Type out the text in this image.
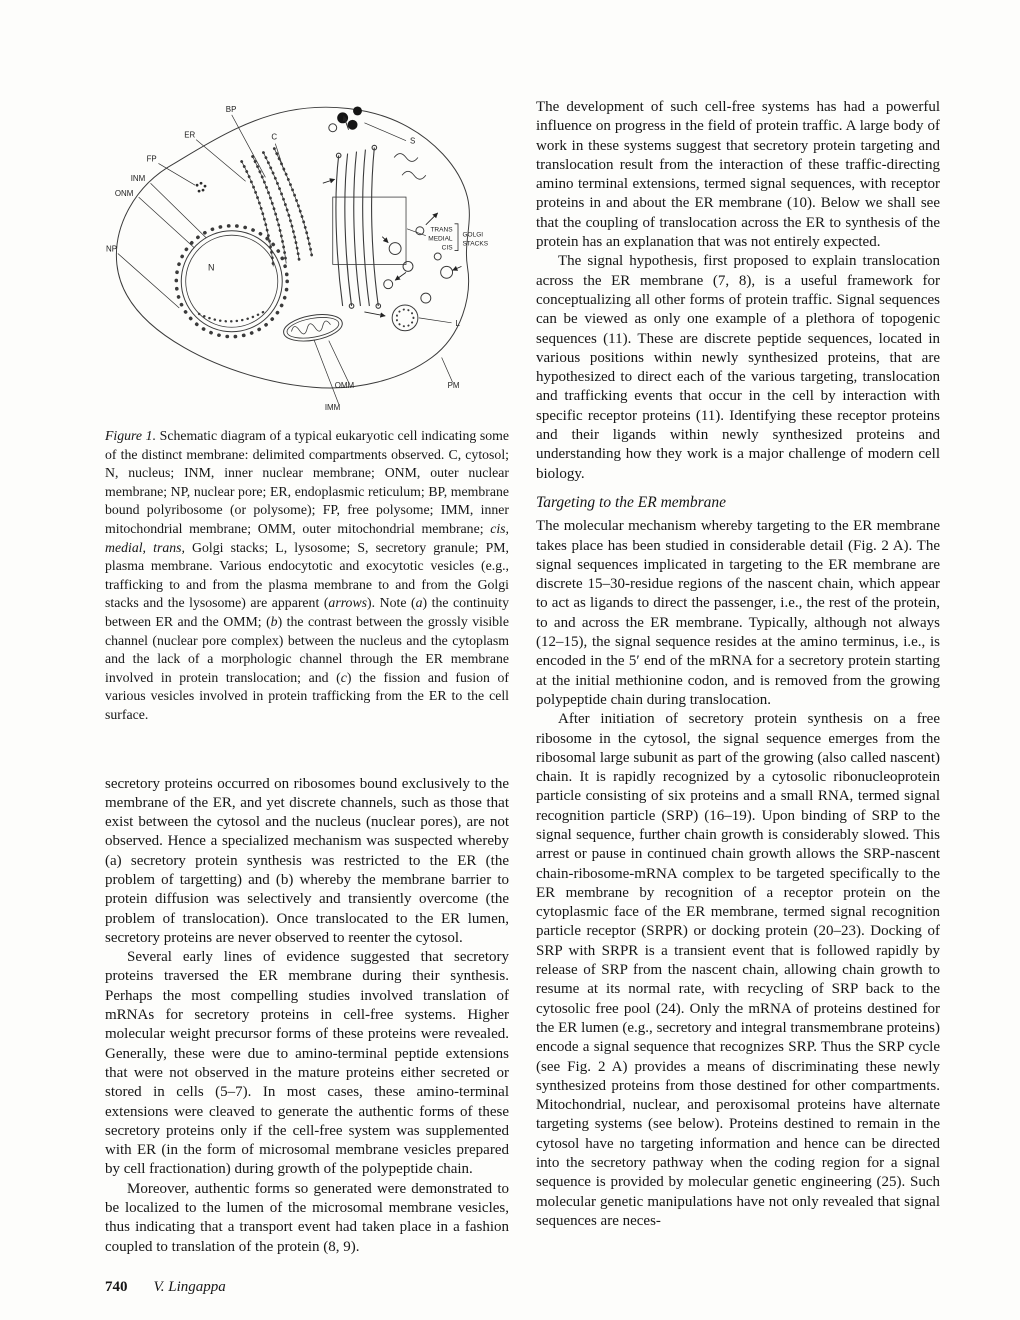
BP
ER	C	S
FP
INM
ONM
NP
N
TRANS
MEDIAL
CIS
GOLGI
STACKS
L
OMM
IMM
PM
Figure 1. Schematic diagram of a typical eukaryotic cell indicating some of the distinct membrane: delimited compartments observed. C, cytosol; N, nucleus; INM, inner nuclear membrane; ONM, outer nuclear membrane; NP, nuclear pore; ER, endoplasmic reticulum; BP, membrane bound polyribosome (or polysome); FP, free polysome; IMM, inner mitochondrial membrane; OMM, outer mitochondrial membrane; cis, medial, trans, Golgi stacks; L, lysosome; S, secretory granule; PM, plasma membrane. Various endocytotic and exocytotic vesicles (e.g., trafficking to and from the plasma membrane to and from the Golgi stacks and the lysosome) are apparent (arrows). Note (a) the continuity between ER and the OMM; (b) the contrast between the grossly visible channel (nuclear pore complex) between the nucleus and the cytoplasm and the lack of a morphologic channel through the ER membrane involved in protein translocation; and (c) the fission and fusion of various vesicles involved in protein trafficking from the ER to the cell surface.

secretory proteins occurred on ribosomes bound exclusively to the membrane of the ER, and yet discrete channels, such as those that exist between the cytosol and the nucleus (nuclear pores), are not observed. Hence a specialized mechanism was suspected whereby (a) secretory protein synthesis was restricted to the ER (the problem of targetting) and (b) whereby the membrane barrier to protein diffusion was selectively and transiently overcome (the problem of translocation). Once translocated to the ER lumen, secretory proteins are never observed to reenter the cytosol.

Several early lines of evidence suggested that secretory proteins traversed the ER membrane during their synthesis. Perhaps the most compelling studies involved translation of mRNAs for secretory proteins in cell-free systems. Higher molecular weight precursor forms of these proteins were revealed. Generally, these were due to amino-terminal peptide extensions that were not observed in the mature proteins either secreted or stored in cells (5–7). In most cases, these amino-terminal extensions were cleaved to generate the authentic forms of these secretory proteins only if the cell-free system was supplemented with ER (in the form of microsomal membrane vesicles prepared by cell fractionation) during growth of the polypeptide chain.

Moreover, authentic forms so generated were demonstrated to be localized to the lumen of the microsomal membrane vesicles, thus indicating that a transport event had taken place in a fashion coupled to translation of the protein (8, 9).

The development of such cell-free systems has had a powerful influence on progress in the field of protein traffic. A large body of work in these systems suggest that secretory protein targeting and translocation result from the interaction of these traffic-directing amino terminal extensions, termed signal sequences, with receptor proteins in and about the ER membrane (10). Below we shall see that the coupling of translocation across the ER to synthesis of the protein has an explanation that was not entirely expected.

The signal hypothesis, first proposed to explain translocation across the ER membrane (7, 8), is a useful framework for conceptualizing all other forms of protein traffic. Signal sequences can be viewed as only one example of a plethora of topogenic sequences (11). These are discrete peptide sequences, located in various positions within newly synthesized proteins, that are hypothesized to direct each of the various targeting, translocation and trafficking events that occur in the cell by interaction with specific receptor proteins (11). Identifying these receptor proteins and their ligands within newly synthesized proteins and understanding how they work is a major challenge of modern cell biology.

Targeting to the ER membrane

The molecular mechanism whereby targeting to the ER membrane takes place has been studied in considerable detail (Fig. 2 A). The signal sequences implicated in targeting to the ER membrane are discrete 15–30-residue regions of the nascent chain, which appear to act as ligands to direct the passenger, i.e., the rest of the protein, to and across the ER membrane. Typically, although not always (12–15), the signal sequence resides at the amino terminus, i.e., is encoded in the 5′ end of the mRNA for a secretory protein starting at the initial methionine codon, and is removed from the growing polypeptide chain during translocation.

After initiation of secretory protein synthesis on a free ribosome in the cytosol, the signal sequence emerges from the ribosomal large subunit as part of the growing (also called nascent) chain. It is rapidly recognized by a cytosolic ribonucleoprotein particle consisting of six proteins and a small RNA, termed signal recognition particle (SRP) (16–19). Upon binding of SRP to the signal sequence, further chain growth is considerably slowed. This arrest or pause in continued chain growth allows the SRP-nascent chain-ribosome-mRNA complex to be targeted specifically to the ER membrane by recognition of a receptor protein on the cytoplasmic face of the ER membrane, termed signal recognition particle receptor (SRPR) or docking protein (20–23). Docking of SRP with SRPR is a transient event that is followed rapidly by release of SRP from the nascent chain, allowing chain growth to resume at its normal rate, with recycling of SRP back to the cytosolic free pool (24). Only the mRNA of proteins destined for the ER lumen (e.g., secretory and integral transmembrane proteins) encode a signal sequence that recognizes SRP. Thus the SRP cycle (see Fig. 2 A) provides a means of discriminating these newly synthesized proteins from those destined for other compartments. Mitochondrial, nuclear, and peroxisomal proteins have alternate targeting systems (see below). Proteins destined to remain in the cytosol have no targeting information and hence can be directed into the secretory pathway when the coding region for a signal sequence is provided by molecular genetic engineering (25). Such molecular genetic manipulations have not only revealed that signal sequences are neces-

740 V. Lingappa
